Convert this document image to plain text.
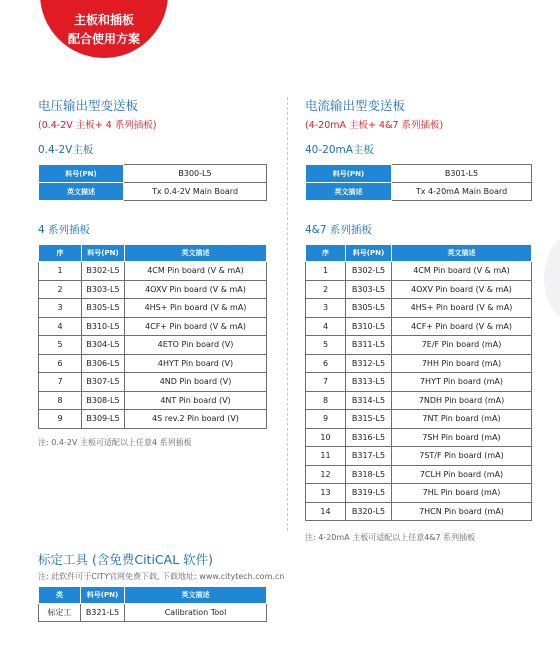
主板和插板
配合使用方案
电压输出型变送板
(0.4-2V 主板+ 4 系列插板)
0.4-2V主板
料号(PN)	B300-L5
英文描述	Tx 0.4-2V Main Board
4 系列插板
序	料号(PN)	英文描述
1	B302-L5	4CM Pin board (V & mA)
2	B303-L5	4OXV Pin board (V & mA)
3	B305-L5	4HS+ Pin board (V & mA)
4	B310-L5	4CF+ Pin board (V & mA)
5	B304-L5	4ETO Pin board (V)
6	B306-L5	4HYT Pin board (V)
7	B307-L5	4ND Pin board (V)
8	B308-L5	4NT Pin board (V)
9	B309-L5	4S rev.2 Pin board (V)
注: 0.4-2V 主板可适配以上任意4 系列插板
电流输出型变送板
(4-20mA 主板+ 4&7 系列插板)
40-20mA主板
料号(PN)	B301-L5
英文描述	Tx 4-20mA Main Board
4&7 系列插板
序	料号(PN)	英文描述
1	B302-L5	4CM Pin board (V & mA)
2	B303-L5	4OXV Pin board (V & mA)
3	B305-L5	4HS+ Pin board (V & mA)
4	B310-L5	4CF+ Pin board (V & mA)
5	B311-L5	7E/F Pin board (mA)
6	B312-L5	7HH Pin board (mA)
7	B313-L5	7HYT Pin board (mA)
8	B314-L5	7NDH Pin board (mA)
9	B315-L5	7NT Pin board (mA)
10	B316-L5	7SH Pin board (mA)
11	B317-L5	7ST/F Pin board (mA)
12	B318-L5	7CLH Pin board (mA)
13	B319-L5	7HL Pin board (mA)
14	B320-L5	7HCN Pin board (mA)
注: 4-20mA 主板可适配以上任意4&7 系列插板
标定工具 (含免费CitiCAL 软件)
注: 此软件可于CITY官网免费下载, 下载地址: www.citytech.com.cn
类	料号(PN)	英文描述
标定工	B321-L5	Calibration Tool
